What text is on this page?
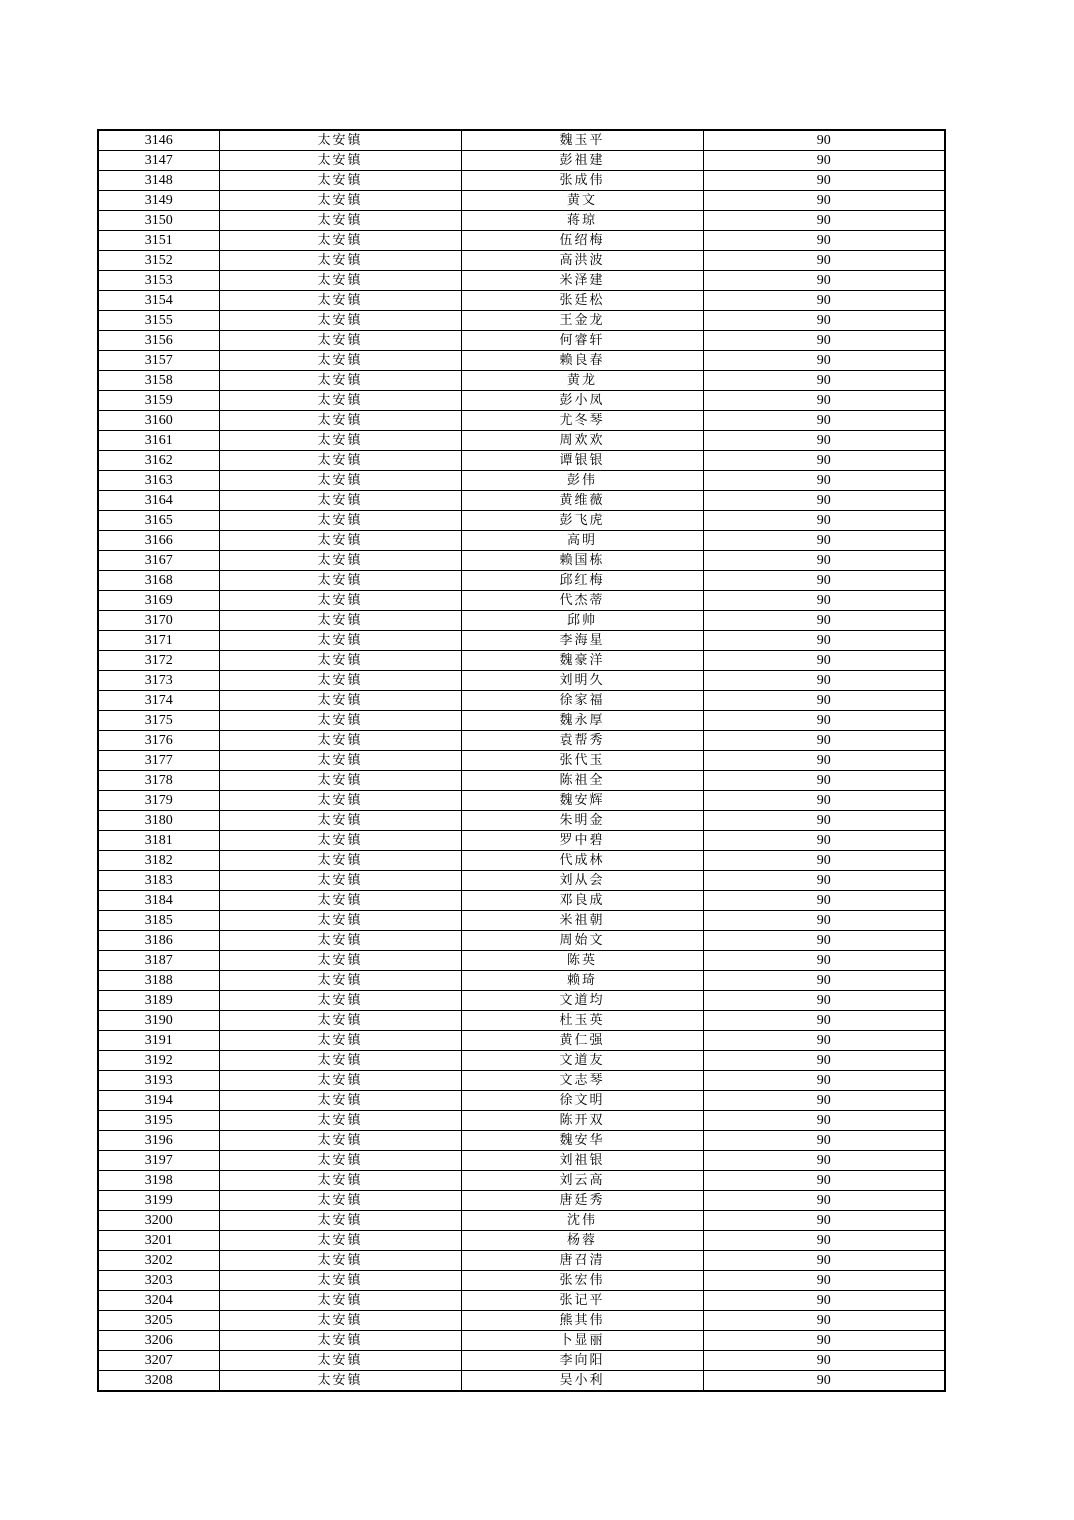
3146	太安镇	魏玉平	90
3147	太安镇	彭祖建	90
3148	太安镇	张成伟	90
3149	太安镇	黄文	90
3150	太安镇	蒋琼	90
3151	太安镇	伍绍梅	90
3152	太安镇	高洪波	90
3153	太安镇	米泽建	90
3154	太安镇	张廷松	90
3155	太安镇	王金龙	90
3156	太安镇	何睿轩	90
3157	太安镇	赖良春	90
3158	太安镇	黄龙	90
3159	太安镇	彭小凤	90
3160	太安镇	尤冬琴	90
3161	太安镇	周欢欢	90
3162	太安镇	谭银银	90
3163	太安镇	彭伟	90
3164	太安镇	黄维薇	90
3165	太安镇	彭飞虎	90
3166	太安镇	高明	90
3167	太安镇	赖国栋	90
3168	太安镇	邱红梅	90
3169	太安镇	代杰蒂	90
3170	太安镇	邱帅	90
3171	太安镇	李海星	90
3172	太安镇	魏豪洋	90
3173	太安镇	刘明久	90
3174	太安镇	徐家福	90
3175	太安镇	魏永厚	90
3176	太安镇	袁帮秀	90
3177	太安镇	张代玉	90
3178	太安镇	陈祖全	90
3179	太安镇	魏安辉	90
3180	太安镇	朱明金	90
3181	太安镇	罗中碧	90
3182	太安镇	代成林	90
3183	太安镇	刘从会	90
3184	太安镇	邓良成	90
3185	太安镇	米祖朝	90
3186	太安镇	周始文	90
3187	太安镇	陈英	90
3188	太安镇	赖琦	90
3189	太安镇	文道均	90
3190	太安镇	杜玉英	90
3191	太安镇	黄仁强	90
3192	太安镇	文道友	90
3193	太安镇	文志琴	90
3194	太安镇	徐文明	90
3195	太安镇	陈开双	90
3196	太安镇	魏安华	90
3197	太安镇	刘祖银	90
3198	太安镇	刘云高	90
3199	太安镇	唐廷秀	90
3200	太安镇	沈伟	90
3201	太安镇	杨蓉	90
3202	太安镇	唐召清	90
3203	太安镇	张宏伟	90
3204	太安镇	张记平	90
3205	太安镇	熊其伟	90
3206	太安镇	卜显丽	90
3207	太安镇	李向阳	90
3208	太安镇	吴小利	90
